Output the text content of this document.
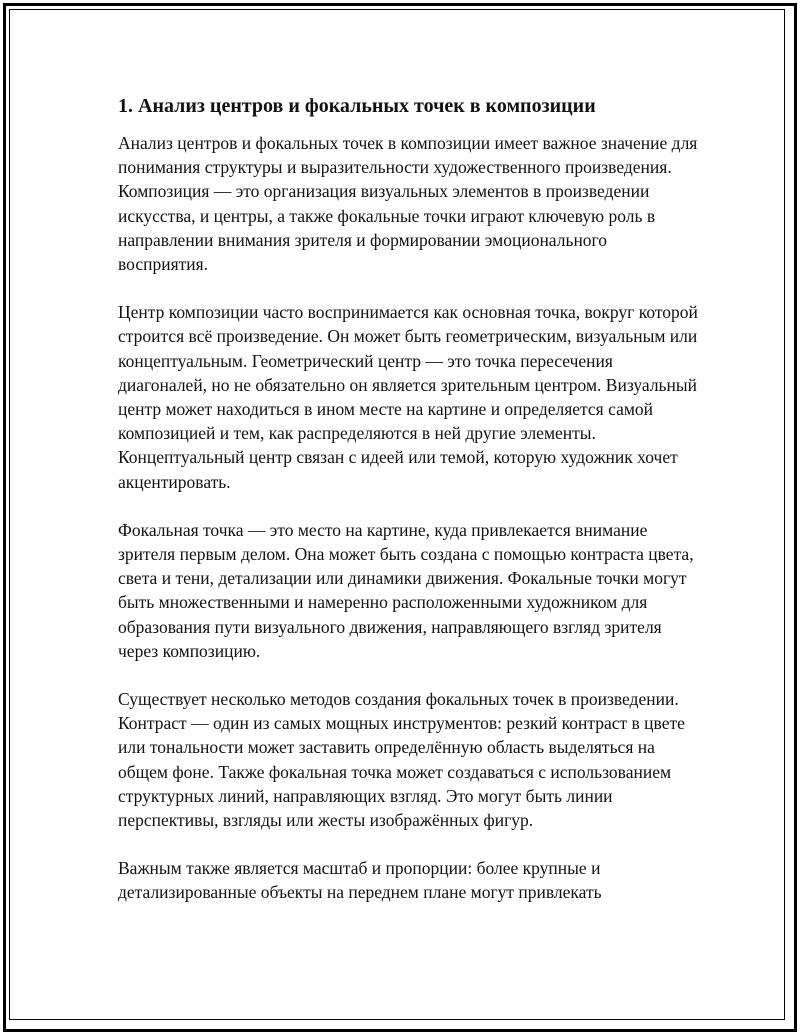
1. Анализ центров и фокальных точек в композиции

Анализ центров и фокальных точек в композиции имеет важное значение для понимания структуры и выразительности художественного произведения. Композиция — это организация визуальных элементов в произведении искусства, и центры, а также фокальные точки играют ключевую роль в направлении внимания зрителя и формировании эмоционального восприятия.

Центр композиции часто воспринимается как основная точка, вокруг которой строится всё произведение. Он может быть геометрическим, визуальным или концептуальным. Геометрический центр — это точка пересечения диагоналей, но не обязательно он является зрительным центром. Визуальный центр может находиться в ином месте на картине и определяется самой композицией и тем, как распределяются в ней другие элементы. Концептуальный центр связан с идеей или темой, которую художник хочет акцентировать.

Фокальная точка — это место на картине, куда привлекается внимание зрителя первым делом. Она может быть создана с помощью контраста цвета, света и тени, детализации или динамики движения. Фокальные точки могут быть множественными и намеренно расположенными художником для образования пути визуального движения, направляющего взгляд зрителя через композицию.

Существует несколько методов создания фокальных точек в произведении. Контраст — один из самых мощных инструментов: резкий контраст в цвете или тональности может заставить определённую область выделяться на общем фоне. Также фокальная точка может создаваться с использованием структурных линий, направляющих взгляд. Это могут быть линии перспективы, взгляды или жесты изображённых фигур.

Важным также является масштаб и пропорции: более крупные и детализированные объекты на переднем плане могут привлекать
